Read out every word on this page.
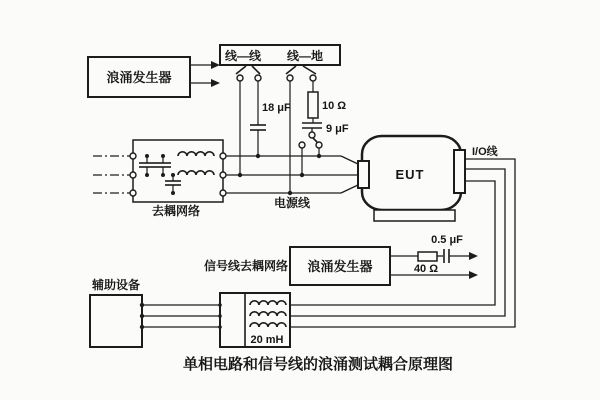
浪涌发生器
线—线 线—地
18 μF	10 Ω
9 μF
去耦网络
电源线
EUT
I/O线
浪涌发生器
0.5 μF
40 Ω
信号线去耦网络
辅助设备
20 mH
单相电路和信号线的浪涌测试耦合原理图
